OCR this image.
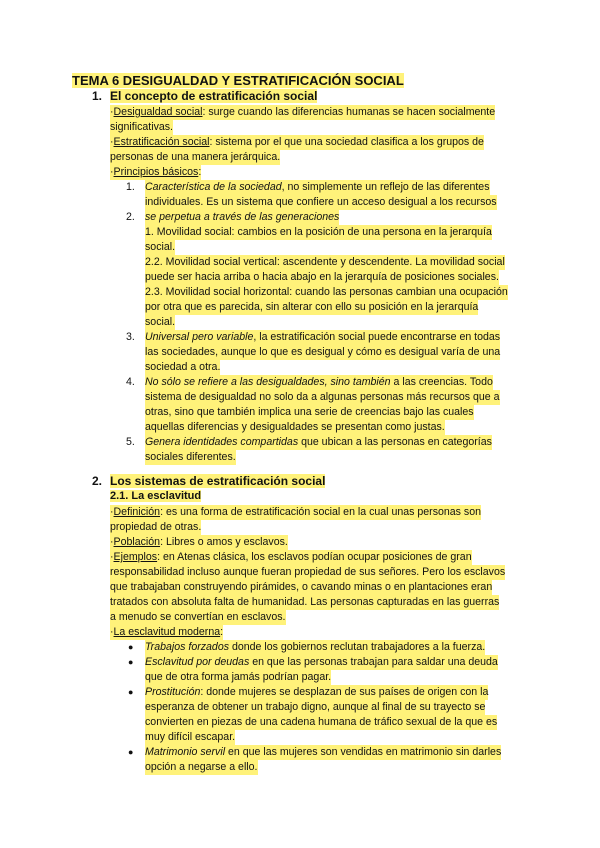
TEMA 6 DESIGUALDAD Y ESTRATIFICACIÓN SOCIAL
1. El concepto de estratificación social
·Desigualdad social: surge cuando las diferencias humanas se hacen socialmente
significativas.
·Estratificación social: sistema por el que una sociedad clasifica a los grupos de
personas de una manera jerárquica.
·Principios básicos:
1. Característica de la sociedad, no simplemente un reflejo de las diferentes
individuales. Es un sistema que confiere un acceso desigual a los recursos
2. se perpetua a través de las generaciones
1. Movilidad social: cambios en la posición de una persona en la jerarquía
social.
2.2. Movilidad social vertical: ascendente y descendente. La movilidad social
puede ser hacia arriba o hacia abajo en la jerarquía de posiciones sociales.
2.3. Movilidad social horizontal: cuando las personas cambian una ocupación
por otra que es parecida, sin alterar con ello su posición en la jerarquía
social.
3. Universal pero variable, la estratificación social puede encontrarse en todas
las sociedades, aunque lo que es desigual y cómo es desigual varía de una
sociedad a otra.
4. No sólo se refiere a las desigualdades, sino también a las creencias. Todo
sistema de desigualdad no solo da a algunas personas más recursos que a
otras, sino que también implica una serie de creencias bajo las cuales
aquellas diferencias y desigualdades se presentan como justas.
5. Genera identidades compartidas que ubican a las personas en categorías
sociales diferentes.
2. Los sistemas de estratificación social
2.1. La esclavitud
·Definición: es una forma de estratificación social en la cual unas personas son
propiedad de otras.
·Población: Libres o amos y esclavos.
·Ejemplos: en Atenas clásica, los esclavos podían ocupar posiciones de gran
responsabilidad incluso aunque fueran propiedad de sus señores. Pero los esclavos
que trabajaban construyendo pirámides, o cavando minas o en plantaciones eran
tratados con absoluta falta de humanidad. Las personas capturadas en las guerras
a menudo se convertían en esclavos.
·La esclavitud moderna:
● Trabajos forzados donde los gobiernos reclutan trabajadores a la fuerza.
● Esclavitud por deudas en que las personas trabajan para saldar una deuda
que de otra forma jamás podrían pagar.
● Prostitución: donde mujeres se desplazan de sus países de origen con la
esperanza de obtener un trabajo digno, aunque al final de su trayecto se
convierten en piezas de una cadena humana de tráfico sexual de la que es
muy difícil escapar.
● Matrimonio servil en que las mujeres son vendidas en matrimonio sin darles
opción a negarse a ello.
